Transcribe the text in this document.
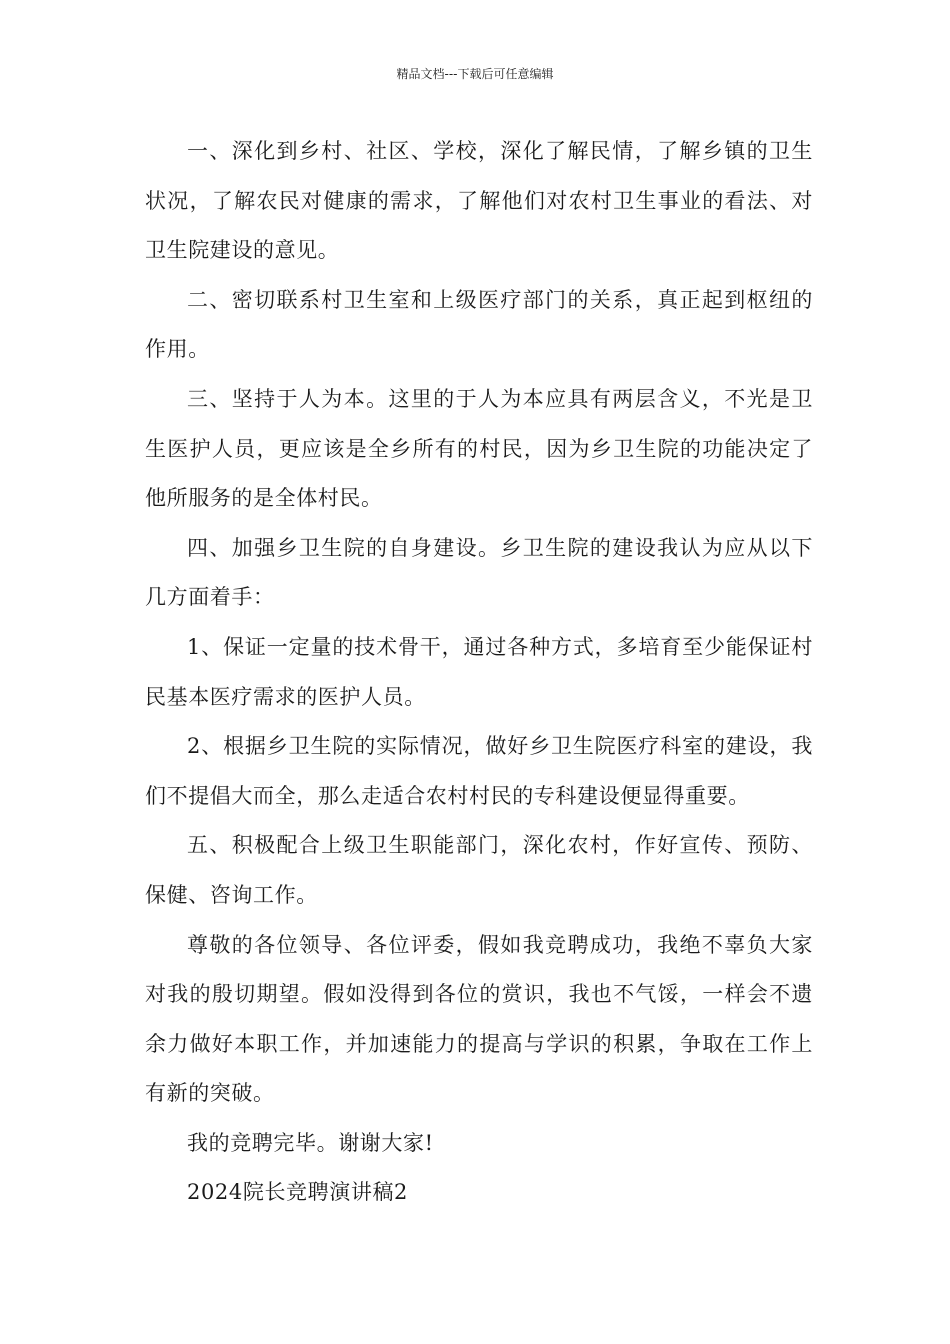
精品文档---下载后可任意编辑

一、深化到乡村、社区、学校，深化了解民情，了解乡镇的卫生状况，了解农民对健康的需求，了解他们对农村卫生事业的看法、对卫生院建设的意见。

二、密切联系村卫生室和上级医疗部门的关系，真正起到枢纽的作用。

三、坚持于人为本。这里的于人为本应具有两层含义，不光是卫生医护人员，更应该是全乡所有的村民，因为乡卫生院的功能决定了他所服务的是全体村民。

四、加强乡卫生院的自身建设。乡卫生院的建设我认为应从以下几方面着手：

1、保证一定量的技术骨干，通过各种方式，多培育至少能保证村民基本医疗需求的医护人员。

2、根据乡卫生院的实际情况，做好乡卫生院医疗科室的建设，我们不提倡大而全，那么走适合农村村民的专科建设便显得重要。

五、积极配合上级卫生职能部门，深化农村，作好宣传、预防、保健、咨询工作。

尊敬的各位领导、各位评委，假如我竞聘成功，我绝不辜负大家对我的殷切期望。假如没得到各位的赏识，我也不气馁，一样会不遗余力做好本职工作，并加速能力的提高与学识的积累，争取在工作上有新的突破。

我的竞聘完毕。谢谢大家!

2024院长竞聘演讲稿2
